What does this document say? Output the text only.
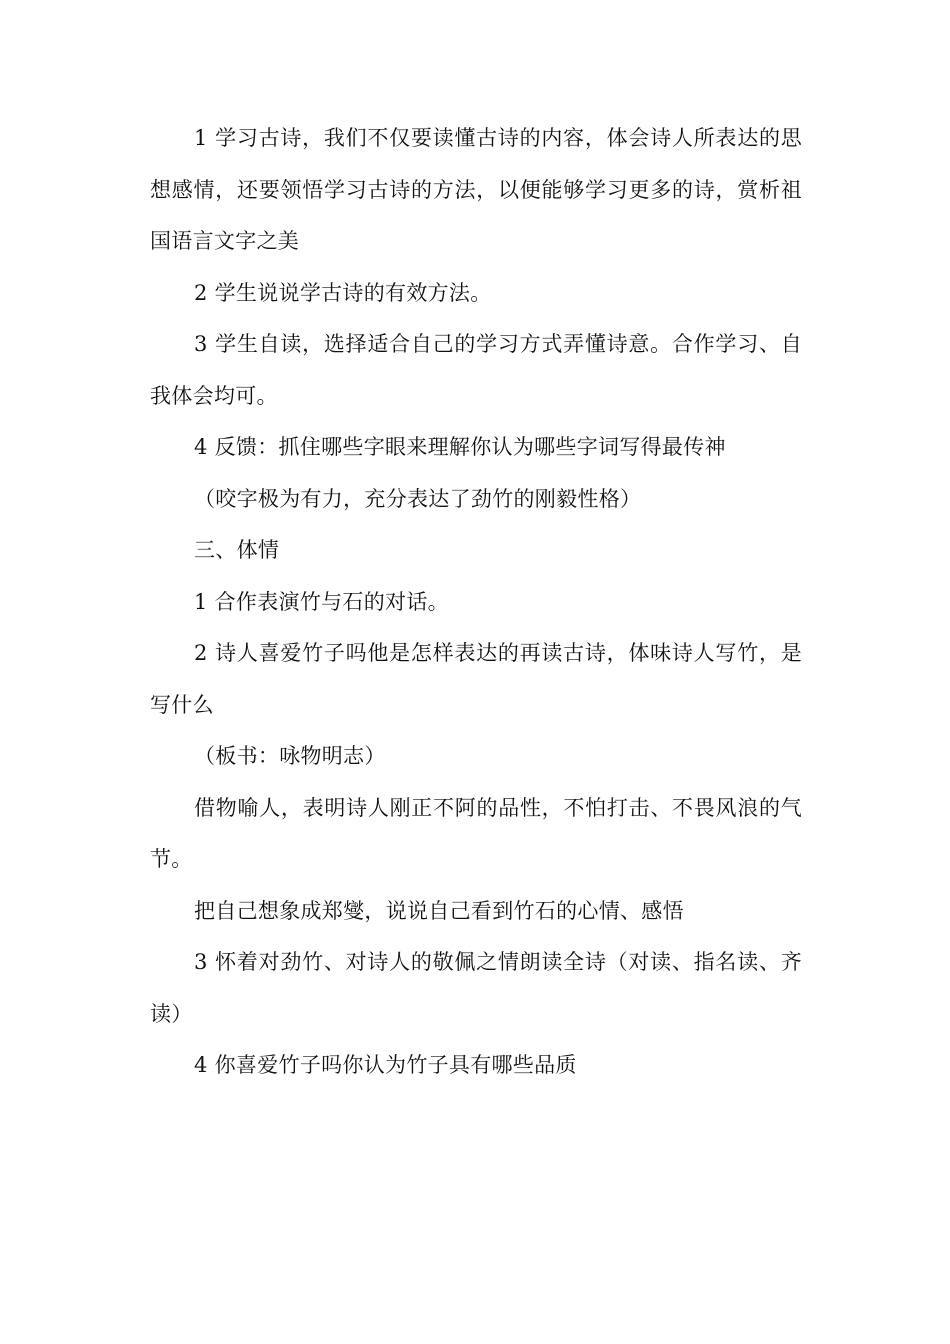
1 学习古诗，我们不仅要读懂古诗的内容，体会诗人所表达的思想感情，还要领悟学习古诗的方法，以便能够学习更多的诗，赏析祖国语言文字之美

2 学生说说学古诗的有效方法。

3 学生自读，选择适合自己的学习方式弄懂诗意。合作学习、自我体会均可。

4 反馈：抓住哪些字眼来理解你认为哪些字词写得最传神

（咬字极为有力，充分表达了劲竹的刚毅性格）

三、体情

1 合作表演竹与石的对话。

2 诗人喜爱竹子吗他是怎样表达的再读古诗，体味诗人写竹，是写什么

（板书：咏物明志）

借物喻人，表明诗人刚正不阿的品性，不怕打击、不畏风浪的气节。

把自己想象成郑燮，说说自己看到竹石的心情、感悟

3 怀着对劲竹、对诗人的敬佩之情朗读全诗（对读、指名读、齐读）

4 你喜爱竹子吗你认为竹子具有哪些品质
